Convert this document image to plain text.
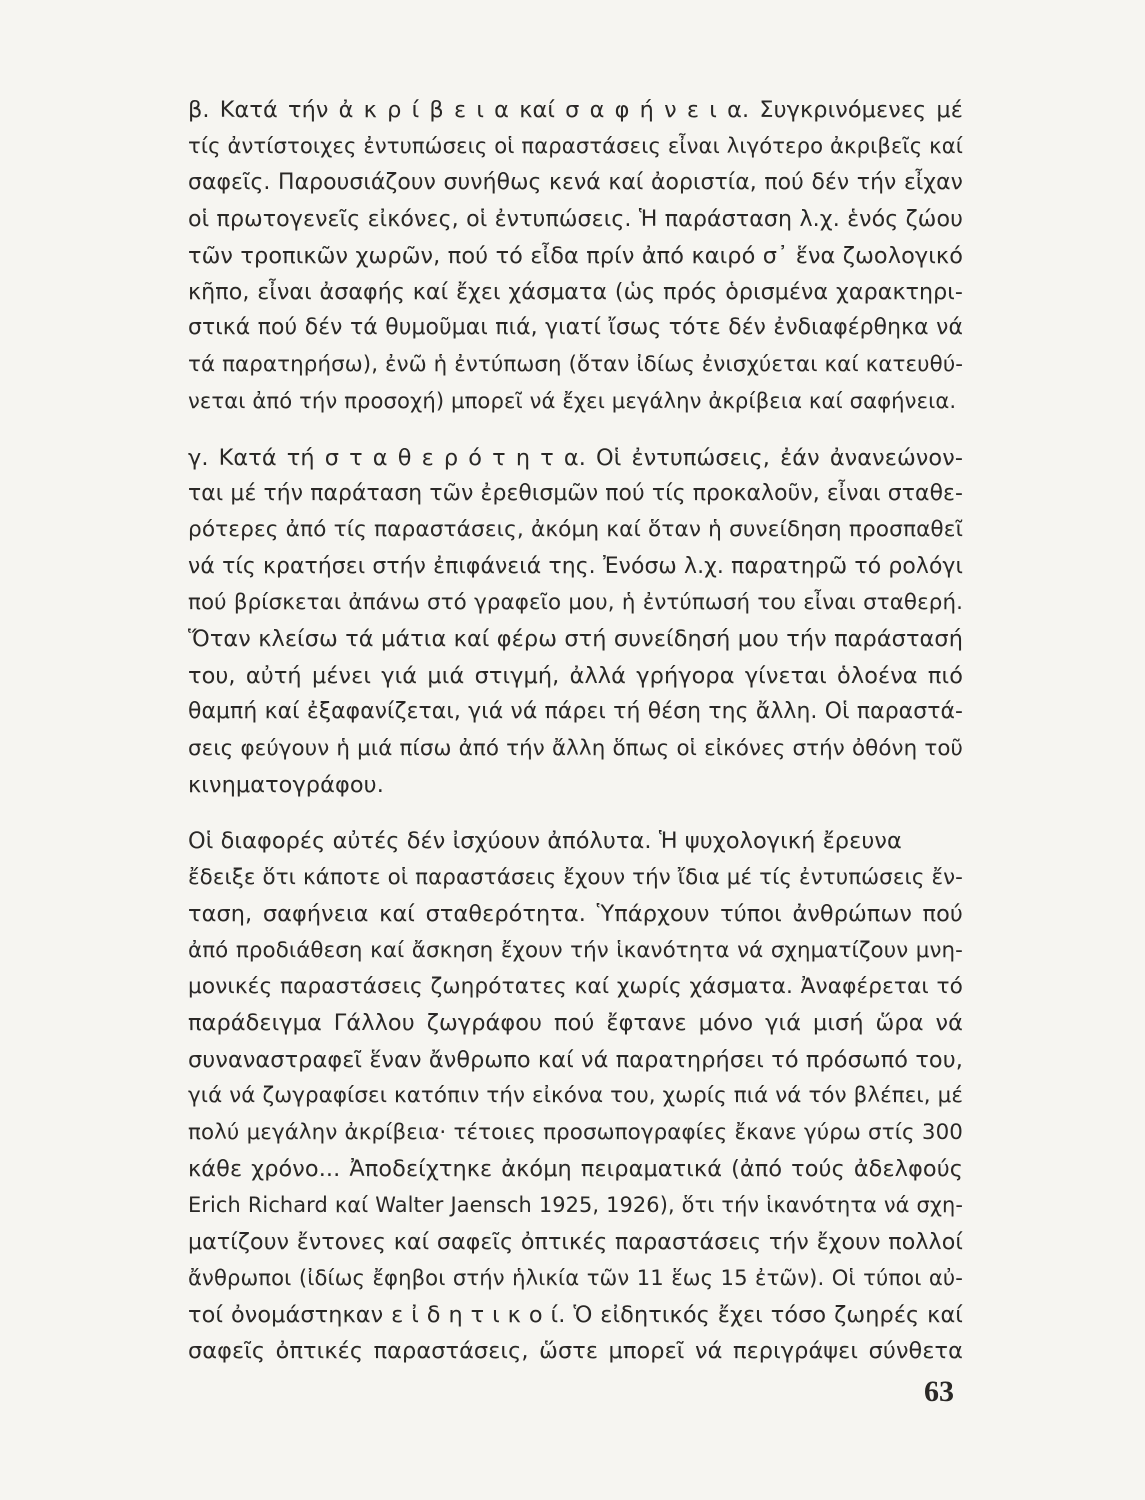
β. Κατά τήν ἀ κ ρ ί β ε ι α καί σ α φ ή ν ε ι α. Συγκρινόμενες μέ
τίς ἀντίστοιχες ἐντυπώσεις οἱ παραστάσεις εἶναι λιγότερο ἀκριβεῖς καί
σαφεῖς. Παρουσιάζουν συνήθως κενά καί ἀοριστία, πού δέν τήν εἶχαν
οἱ πρωτογενεῖς εἰκόνες, οἱ ἐντυπώσεις. Ἡ παράσταση λ.χ. ἑνός ζώου
τῶν τροπικῶν χωρῶν, πού τό εἶδα πρίν ἀπό καιρό σ᾽ ἕνα ζωολογικό
κῆπο, εἶναι ἀσαφής καί ἔχει χάσματα (ὡς πρός ὁρισμένα χαρακτηρι-
στικά πού δέν τά θυμοῦμαι πιά, γιατί ἴσως τότε δέν ἐνδιαφέρθηκα νά
τά παρατηρήσω), ἐνῶ ἡ ἐντύπωση (ὅταν ἰδίως ἐνισχύεται καί κατευθύ-
νεται ἀπό τήν προσοχή) μπορεῖ νά ἔχει μεγάλην ἀκρίβεια καί σαφήνεια.
γ. Κατά τή σ τ α θ ε ρ ό τ η τ α. Οἱ ἐντυπώσεις, ἐάν ἀνανεώνον-
ται μέ τήν παράταση τῶν ἐρεθισμῶν πού τίς προκαλοῦν, εἶναι σταθε-
ρότερες ἀπό τίς παραστάσεις, ἀκόμη καί ὅταν ἡ συνείδηση προσπαθεῖ
νά τίς κρατήσει στήν ἐπιφάνειά της. Ἐνόσω λ.χ. παρατηρῶ τό ρολόγι
πού βρίσκεται ἀπάνω στό γραφεῖο μου, ἡ ἐντύπωσή του εἶναι σταθερή.
Ὅταν κλείσω τά μάτια καί φέρω στή συνείδησή μου τήν παράστασή
του, αὐτή μένει γιά μιά στιγμή, ἀλλά γρήγορα γίνεται ὁλοένα πιό
θαμπή καί ἐξαφανίζεται, γιά νά πάρει τή θέση της ἄλλη. Οἱ παραστά-
σεις φεύγουν ἡ μιά πίσω ἀπό τήν ἄλλη ὅπως οἱ εἰκόνες στήν ὀθόνη τοῦ
κινηματογράφου.
Οἱ διαφορές αὐτές δέν ἰσχύουν ἀπόλυτα. Ἡ ψυχολογική ἔρευνα
ἔδειξε ὅτι κάποτε οἱ παραστάσεις ἔχουν τήν ἴδια μέ τίς ἐντυπώσεις ἔν-
ταση, σαφήνεια καί σταθερότητα. Ὑπάρχουν τύποι ἀνθρώπων πού
ἀπό προδιάθεση καί ἄσκηση ἔχουν τήν ἱκανότητα νά σχηματίζουν μνη-
μονικές παραστάσεις ζωηρότατες καί χωρίς χάσματα. Ἀναφέρεται τό
παράδειγμα Γάλλου ζωγράφου πού ἔφτανε μόνο γιά μισή ὥρα νά
συναναστραφεῖ ἕναν ἄνθρωπο καί νά παρατηρήσει τό πρόσωπό του,
γιά νά ζωγραφίσει κατόπιν τήν εἰκόνα του, χωρίς πιά νά τόν βλέπει, μέ
πολύ μεγάλην ἀκρίβεια· τέτοιες προσωπογραφίες ἔκανε γύρω στίς 300
κάθε χρόνο... Ἀποδείχτηκε ἀκόμη πειραματικά (ἀπό τούς ἀδελφούς
Erich Richard καί Walter Jaensch 1925, 1926), ὅτι τήν ἱκανότητα νά σχη-
ματίζουν ἔντονες καί σαφεῖς ὀπτικές παραστάσεις τήν ἔχουν πολλοί
ἄνθρωποι (ἰδίως ἔφηβοι στήν ἡλικία τῶν 11 ἕως 15 ἐτῶν). Οἱ τύποι αὐ-
τοί ὀνομάστηκαν ε ἰ δ η τ ι κ ο ί. Ὁ εἰδητικός ἔχει τόσο ζωηρές καί
σαφεῖς ὀπτικές παραστάσεις, ὥστε μπορεῖ νά περιγράψει σύνθετα
63
